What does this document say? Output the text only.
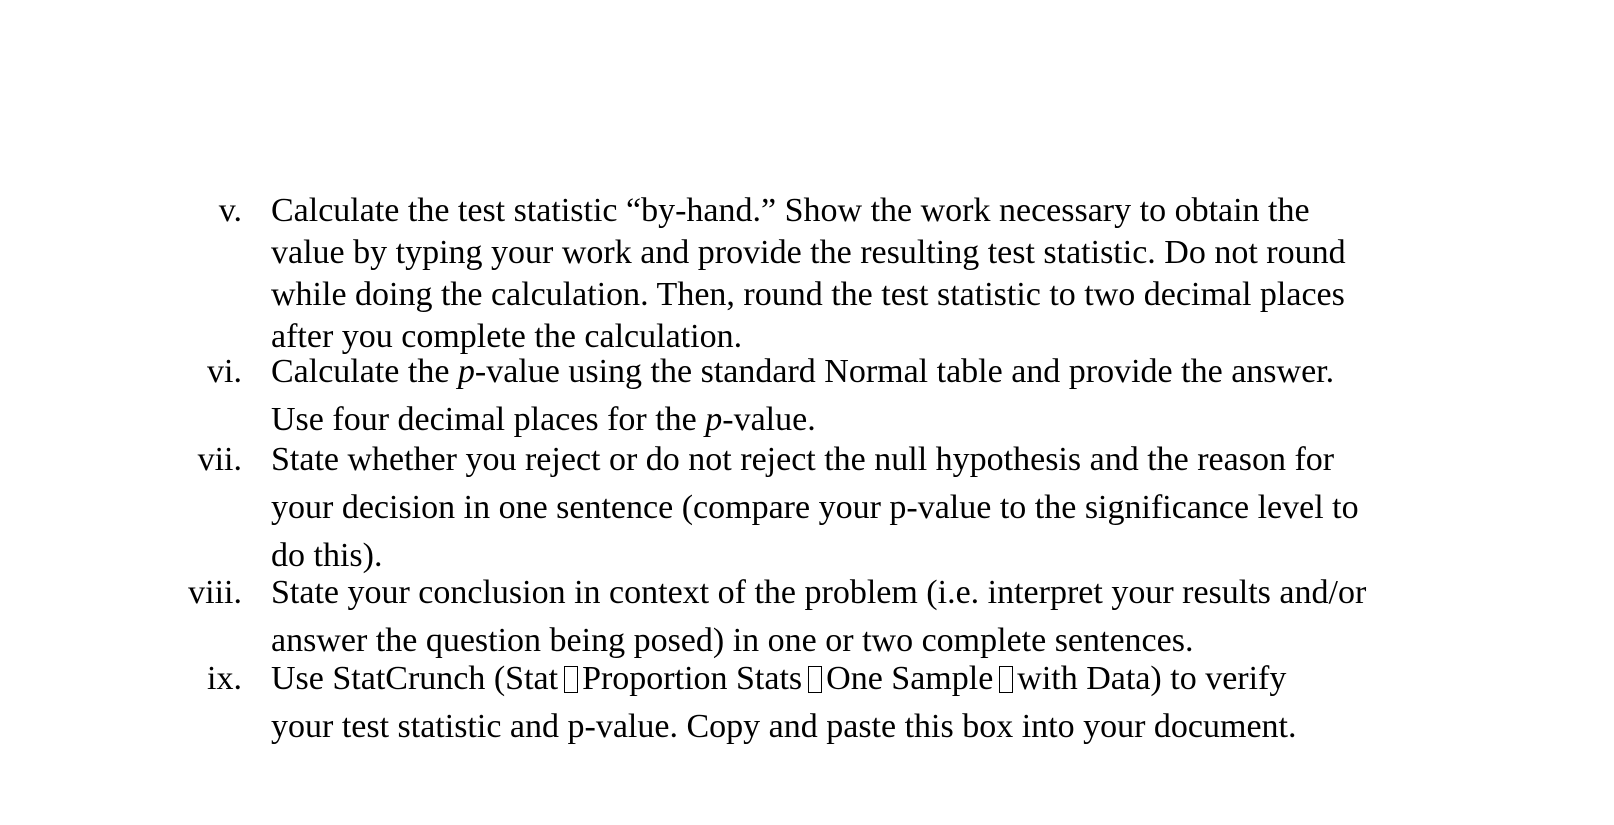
v. Calculate the test statistic “by-hand.” Show the work necessary to obtain the
value by typing your work and provide the resulting test statistic. Do not round
while doing the calculation. Then, round the test statistic to two decimal places
after you complete the calculation.
vi. Calculate the p-value using the standard Normal table and provide the answer.
Use four decimal places for the p-value.
vii. State whether you reject or do not reject the null hypothesis and the reason for
your decision in one sentence (compare your p-value to the significance level to
do this).
viii. State your conclusion in context of the problem (i.e. interpret your results and/or
answer the question being posed) in one or two complete sentences.
ix. Use StatCrunch (Stat Proportion Stats One Sample with Data) to verify
your test statistic and p-value. Copy and paste this box into your document.
